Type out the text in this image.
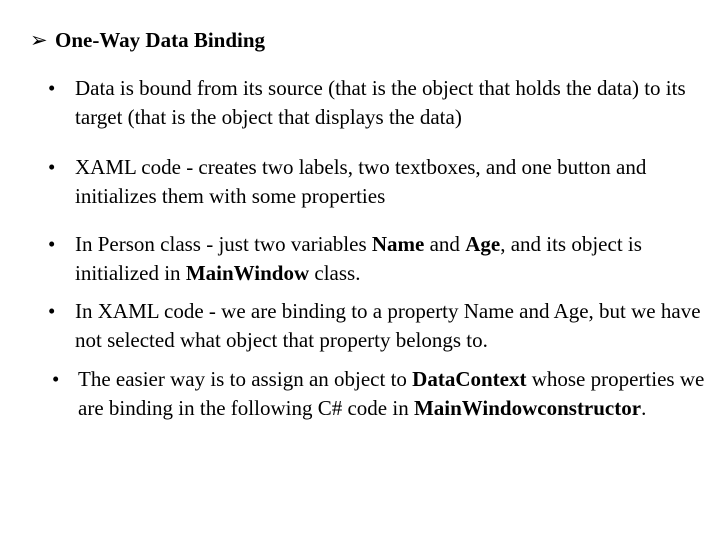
➢ One-Way Data Binding
• Data is bound from its source (that is the object that holds the data) to its target (that is the object that displays the data)
• XAML code - creates two labels, two textboxes, and one button and initializes them with some properties
• In Person class - just two variables Name and Age, and its object is initialized in MainWindow class.
• In XAML code - we are binding to a property Name and Age, but we have not selected what object that property belongs to.
• The easier way is to assign an object to DataContext whose properties we are binding in the following C# code in MainWindowconstructor.
